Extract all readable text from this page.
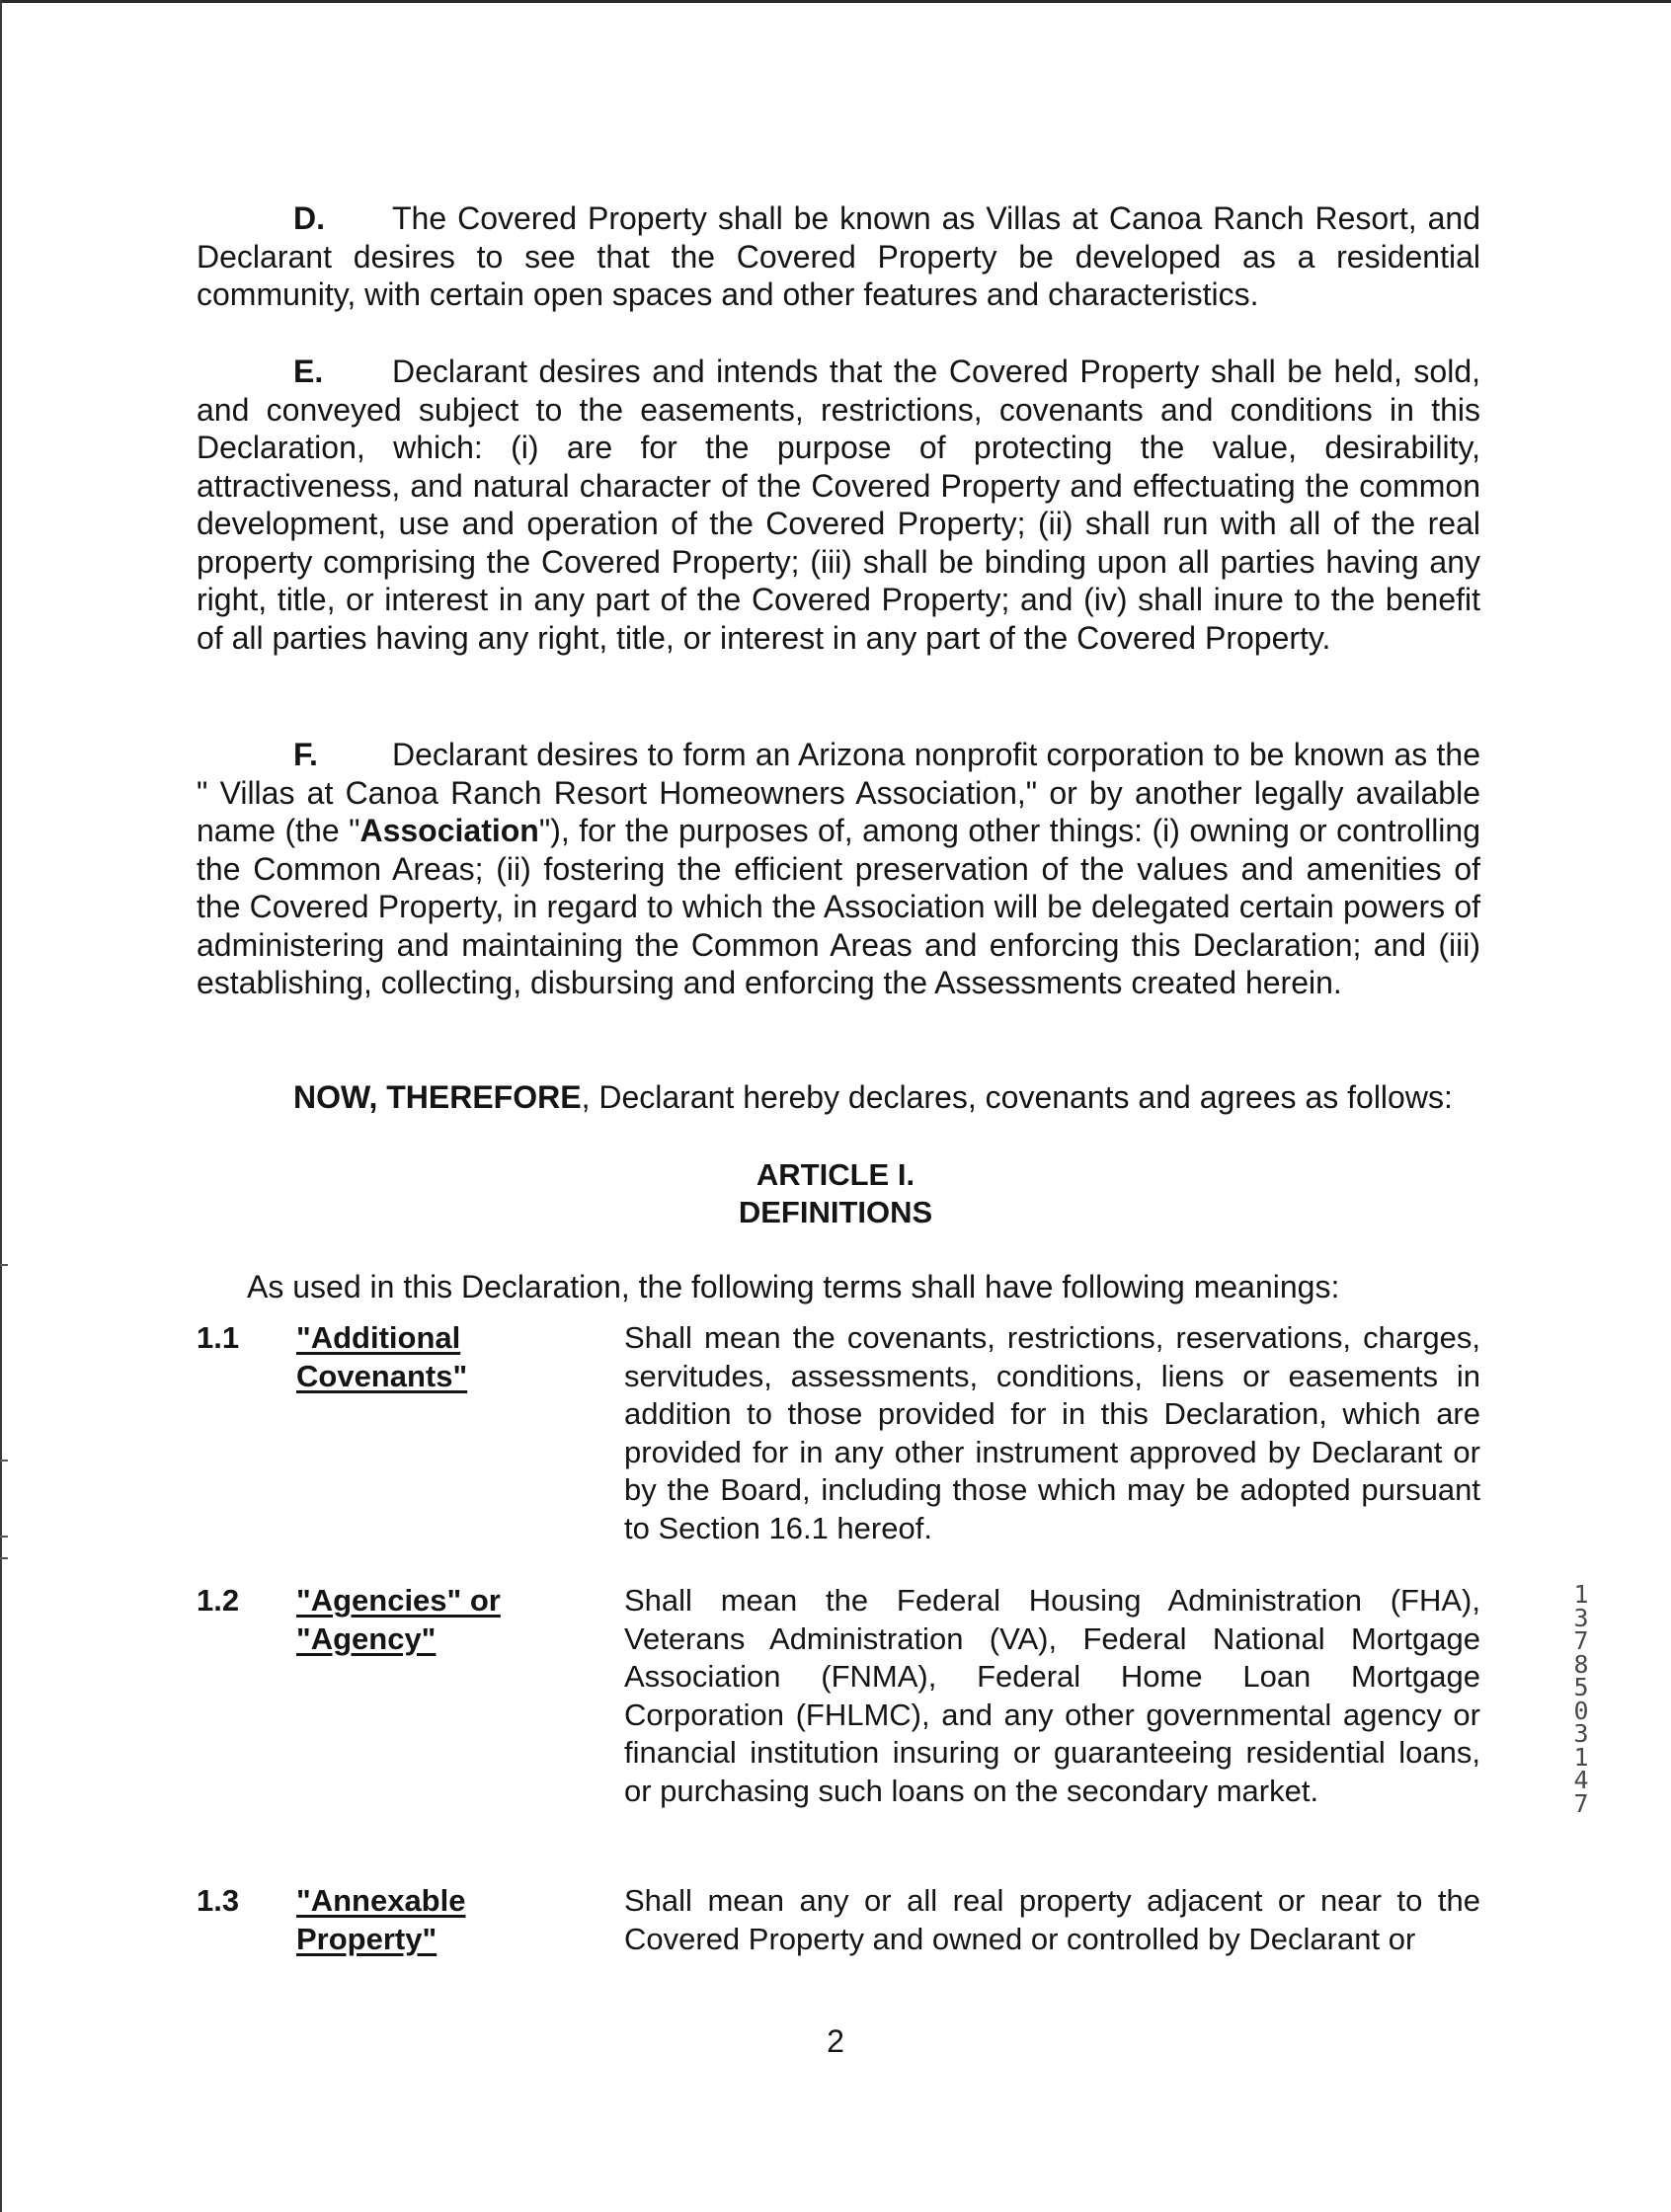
D. The Covered Property shall be known as Villas at Canoa Ranch Resort, and Declarant desires to see that the Covered Property be developed as a residential community, with certain open spaces and other features and characteristics.

E. Declarant desires and intends that the Covered Property shall be held, sold, and conveyed subject to the easements, restrictions, covenants and conditions in this Declaration, which: (i) are for the purpose of protecting the value, desirability, attractiveness, and natural character of the Covered Property and effectuating the common development, use and operation of the Covered Property; (ii) shall run with all of the real property comprising the Covered Property; (iii) shall be binding upon all parties having any right, title, or interest in any part of the Covered Property; and (iv) shall inure to the benefit of all parties having any right, title, or interest in any part of the Covered Property.

F. Declarant desires to form an Arizona nonprofit corporation to be known as the " Villas at Canoa Ranch Resort Homeowners Association," or by another legally available name (the "Association"), for the purposes of, among other things: (i) owning or controlling the Common Areas; (ii) fostering the efficient preservation of the values and amenities of the Covered Property, in regard to which the Association will be delegated certain powers of administering and maintaining the Common Areas and enforcing this Declaration; and (iii) establishing, collecting, disbursing and enforcing the Assessments created herein.

NOW, THEREFORE, Declarant hereby declares, covenants and agrees as follows:

ARTICLE I.
DEFINITIONS
As used in this Declaration, the following terms shall have following meanings:
1.1 "Additional
Covenants"
Shall mean the covenants, restrictions, reservations, charges, servitudes, assessments, conditions, liens or easements in addition to those provided for in this Declaration, which are provided for in any other instrument approved by Declarant or by the Board, including those which may be adopted pursuant to Section 16.1 hereof.
1.2 "Agencies" or
"Agency"
Shall mean the Federal Housing Administration (FHA), Veterans Administration (VA), Federal National Mortgage Association (FNMA), Federal Home Loan Mortgage Corporation (FHLMC), and any other governmental agency or financial institution insuring or guaranteeing residential loans, or purchasing such loans on the secondary market.
1.3 "Annexable
Property"
Shall mean any or all real property adjacent or near to the Covered Property and owned or controlled by Declarant or
2
13785 03147
